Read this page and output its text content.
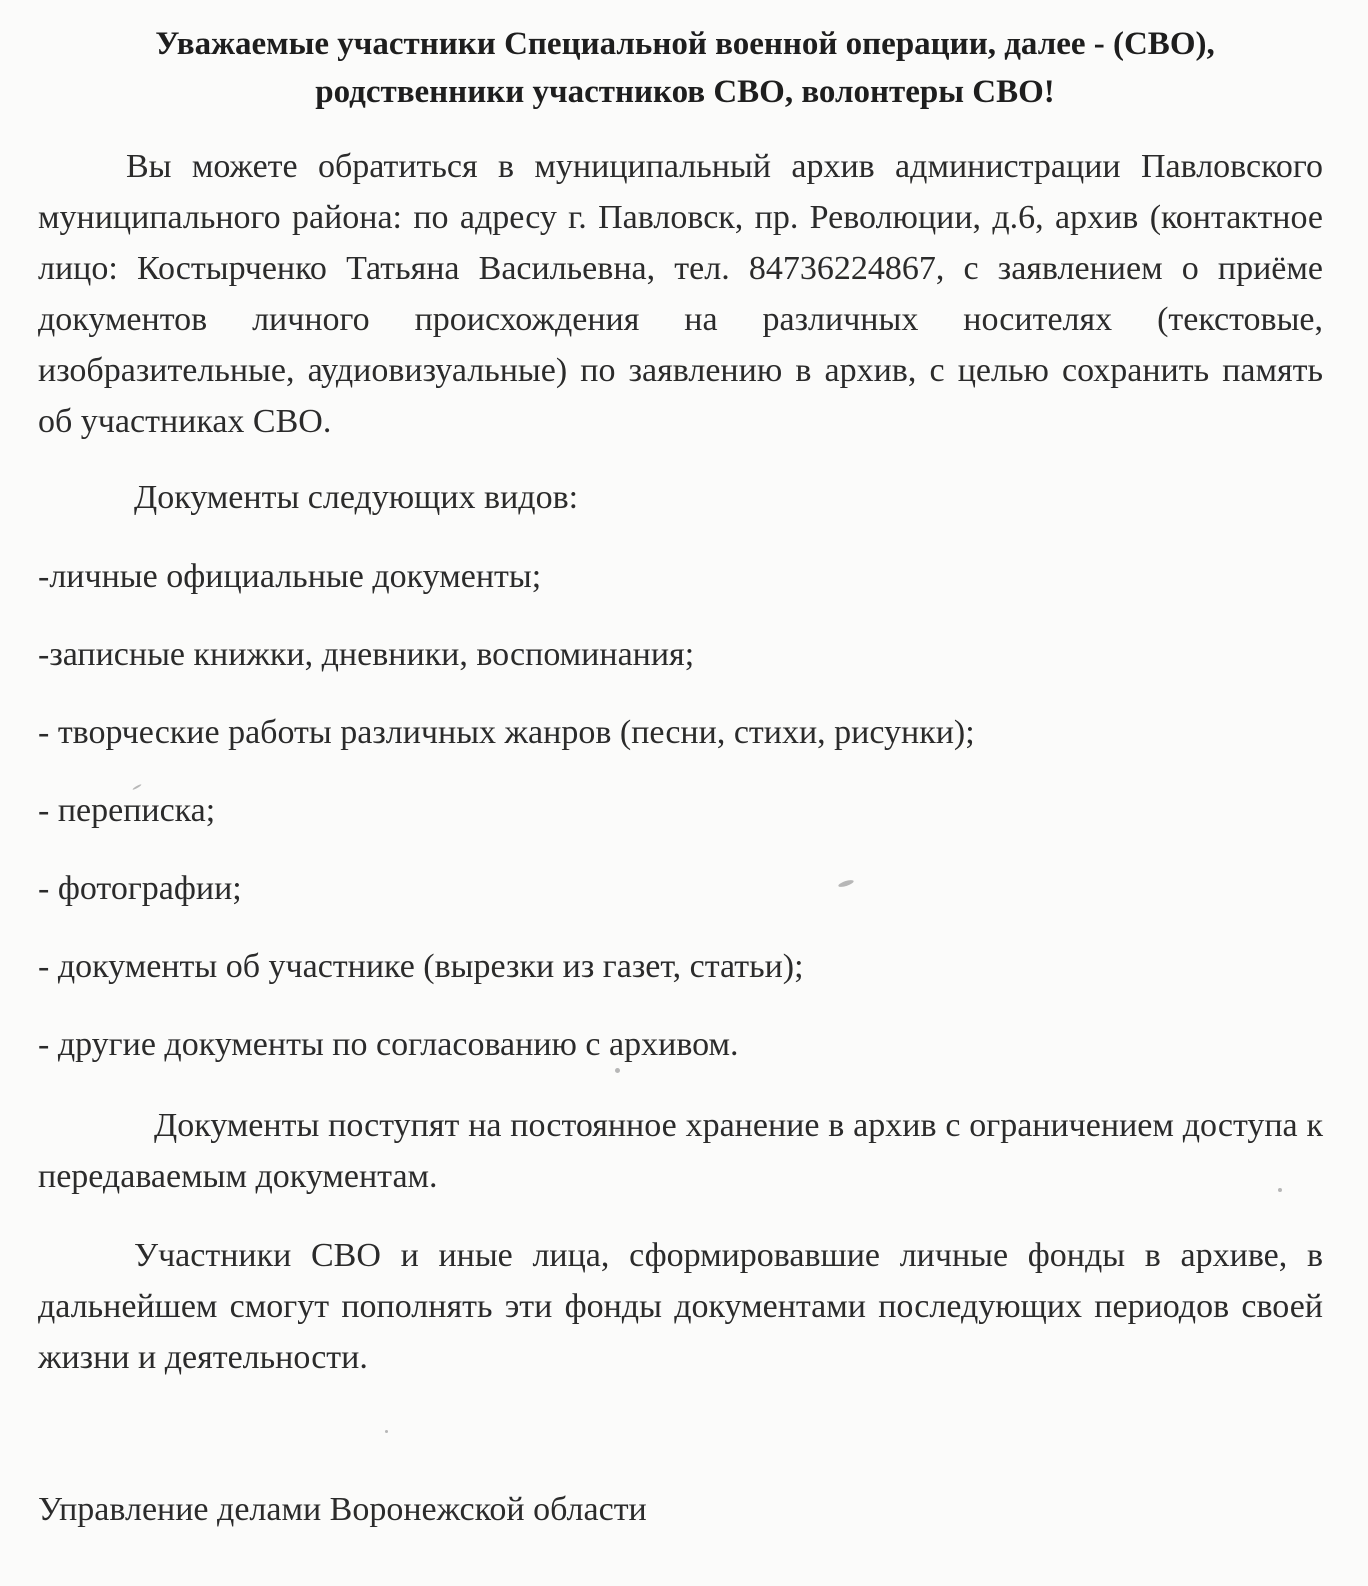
Уважаемые участники Специальной военной операции, далее - (СВО),
родственники участников СВО, волонтеры СВО!

Вы можете обратиться в муниципальный архив администрации Павловского муниципального района: по адресу г. Павловск, пр. Революции, д.6, архив (контактное лицо: Костырченко Татьяна Васильевна, тел. 84736224867, с заявлением о приёме документов личного происхождения на различных носителях (текстовые, изобразительные, аудиовизуальные) по заявлению в архив, с целью сохранить память об участниках СВО.

Документы следующих видов:

-личные официальные документы;
-записные книжки, дневники, воспоминания;
- творческие работы различных жанров (песни, стихи, рисунки);
- переписка;
- фотографии;
- документы об участнике (вырезки из газет, статьи);
- другие документы по согласованию с архивом.

Документы поступят на постоянное хранение в архив с ограничением доступа к передаваемым документам.

Участники СВО и иные лица, сформировавшие личные фонды в архиве, в дальнейшем смогут пополнять эти фонды документами последующих периодов своей жизни и деятельности.

Управление делами Воронежской области
